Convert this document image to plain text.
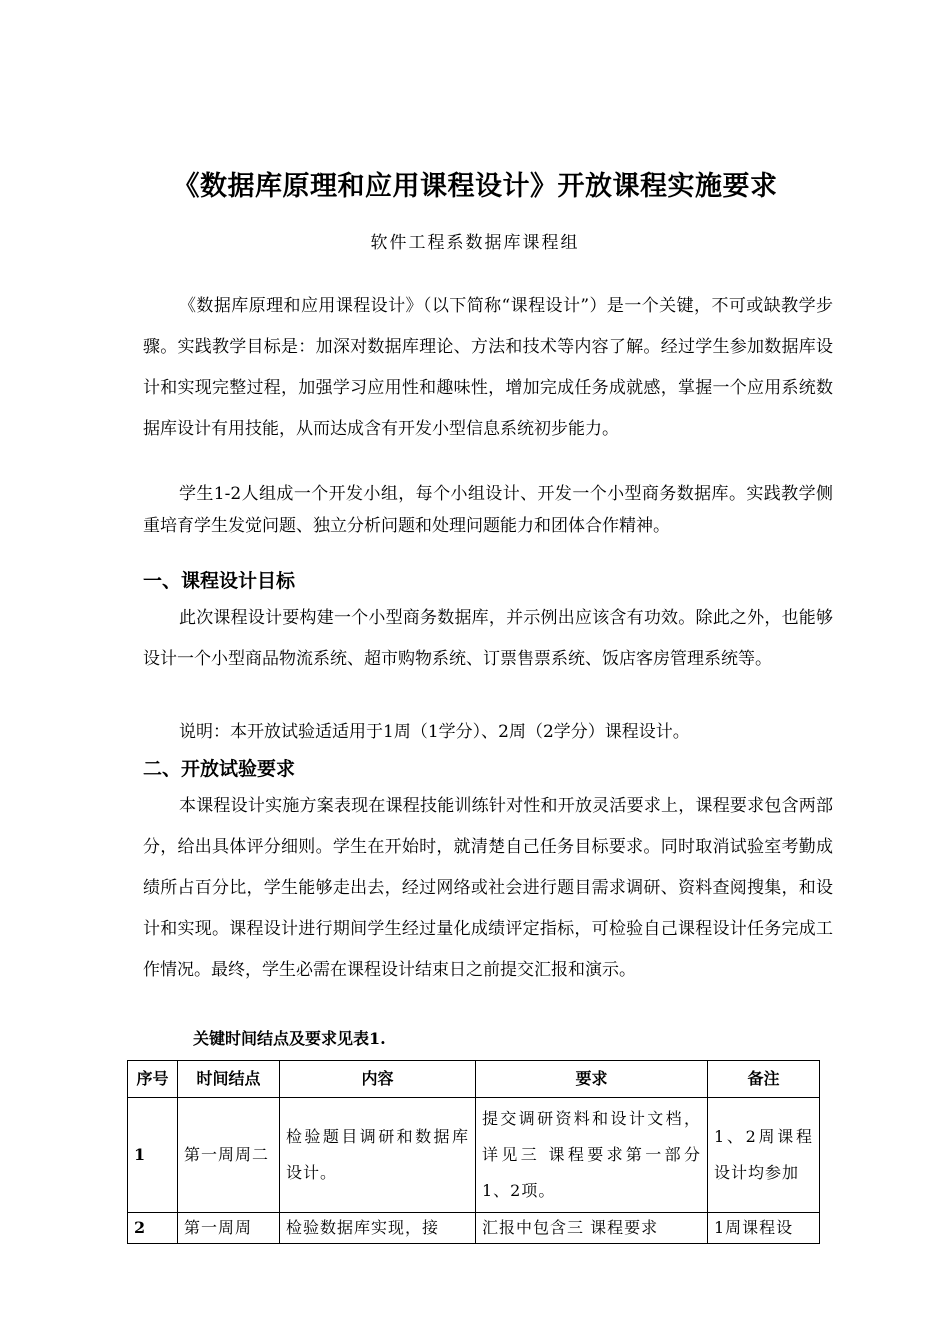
《数据库原理和应用课程设计》开放课程实施要求
软件工程系数据库课程组

《数据库原理和应用课程设计》（以下简称“课程设计”）是一个关键，不可或缺教学步骤。实践教学目标是：加深对数据库理论、方法和技术等内容了解。经过学生参加数据库设计和实现完整过程，加强学习应用性和趣味性，增加完成任务成就感，掌握一个应用系统数据库设计有用技能，从而达成含有开发小型信息系统初步能力。

学生1-2人组成一个开发小组，每个小组设计、开发一个小型商务数据库。实践教学侧重培育学生发觉问题、独立分析问题和处理问题能力和团体合作精神。

一、课程设计目标

此次课程设计要构建一个小型商务数据库，并示例出应该含有功效。除此之外，也能够设计一个小型商品物流系统、超市购物系统、订票售票系统、饭店客房管理系统等。

说明：本开放试验适适用于1周（1学分）、2周（2学分）课程设计。

二、开放试验要求

本课程设计实施方案表现在课程技能训练针对性和开放灵活要求上，课程要求包含两部分，给出具体评分细则。学生在开始时，就清楚自己任务目标要求。同时取消试验室考勤成绩所占百分比，学生能够走出去，经过网络或社会进行题目需求调研、资料查阅搜集，和设计和实现。课程设计进行期间学生经过量化成绩评定指标，可检验自己课程设计任务完成工作情况。最终，学生必需在课程设计结束日之前提交汇报和演示。

关键时间结点及要求见表1.

序号	时间结点	内容	要求	备注
1	第一周周二	检验题目调研和数据库设计。	提交调研资料和设计文档，详见三 课程要求第一部分1、2项。	1、2周课程设计均参加
2	第一周周	检验数据库实现，接	汇报中包含三 课程要求	1周课程设
